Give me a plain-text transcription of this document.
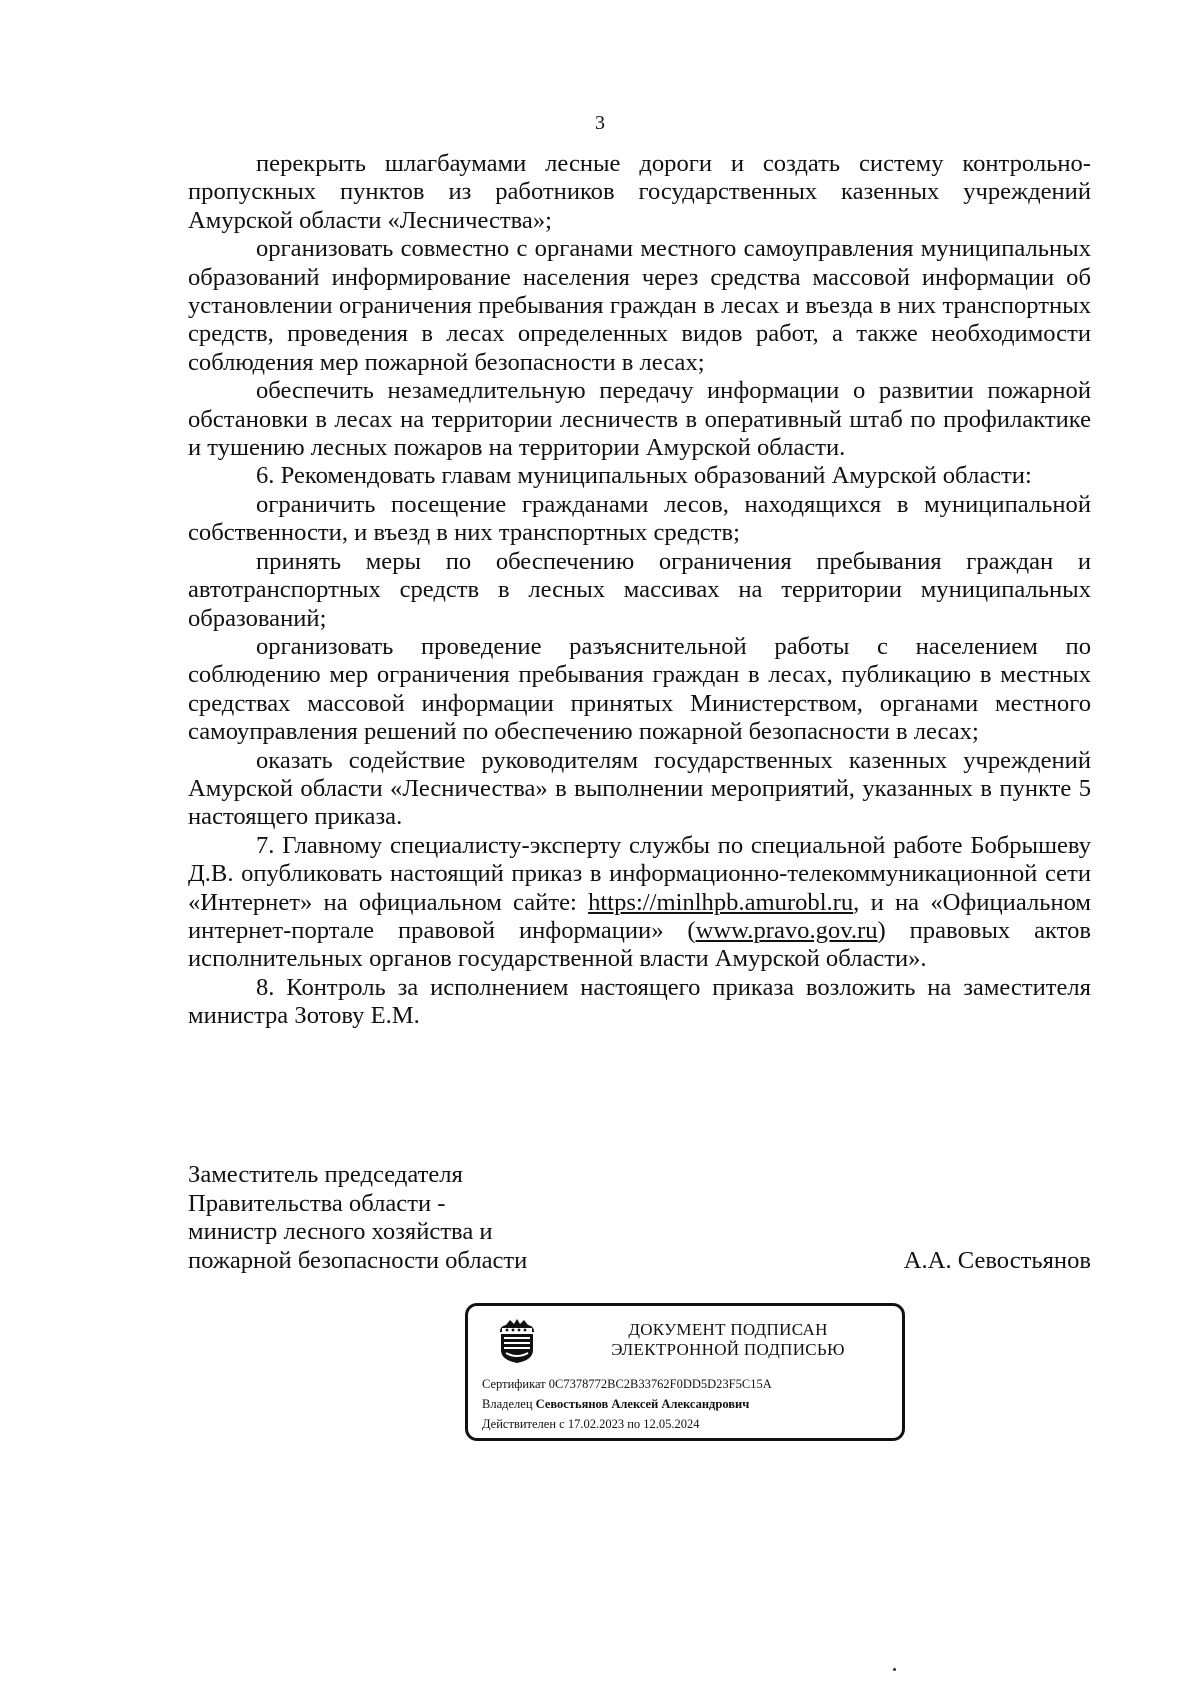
3

перекрыть шлагбаумами лесные дороги и создать систему контрольно-пропускных пунктов из работников государственных казенных учреждений Амурской области «Лесничества»;

организовать совместно с органами местного самоуправления муниципальных образований информирование населения через средства массовой информации об установлении ограничения пребывания граждан в лесах и въезда в них транспортных средств, проведения в лесах определенных видов работ, а также необходимости соблюдения мер пожарной безопасности в лесах;

обеспечить незамедлительную передачу информации о развитии пожарной обстановки в лесах на территории лесничеств в оперативный штаб по профилактике и тушению лесных пожаров на территории Амурской области.

6. Рекомендовать главам муниципальных образований Амурской области:

ограничить посещение гражданами лесов, находящихся в муниципальной собственности, и въезд в них транспортных средств;

принять меры по обеспечению ограничения пребывания граждан и автотранспортных средств в лесных массивах на территории муниципальных образований;

организовать проведение разъяснительной работы с населением по соблюдению мер ограничения пребывания граждан в лесах, публикацию в местных средствах массовой информации принятых Министерством, органами местного самоуправления решений по обеспечению пожарной безопасности в лесах;

оказать содействие руководителям государственных казенных учреждений Амурской области «Лесничества» в выполнении мероприятий, указанных в пункте 5 настоящего приказа.

7. Главному специалисту-эксперту службы по специальной работе Бобрышеву Д.В. опубликовать настоящий приказ в информационно-телекоммуникационной сети «Интернет» на официальном сайте: https://minlhpb.amurobl.ru, и на «Официальном интернет-портале правовой информации» (www.pravo.gov.ru) правовых актов исполнительных органов государственной власти Амурской области».

8. Контроль за исполнением настоящего приказа возложить на заместителя министра Зотову Е.М.

Заместитель председателя
Правительства области -
министр лесного хозяйства и
пожарной безопасности области	А.А. Севостьянов
ДОКУМЕНТ ПОДПИСАН
ЭЛЕКТРОННОЙ ПОДПИСЬЮ
Сертификат 0C7378772BC2B33762F0DD5D23F5C15A
Владелец Севостьянов Алексей Александрович
Действителен с 17.02.2023 по 12.05.2024
